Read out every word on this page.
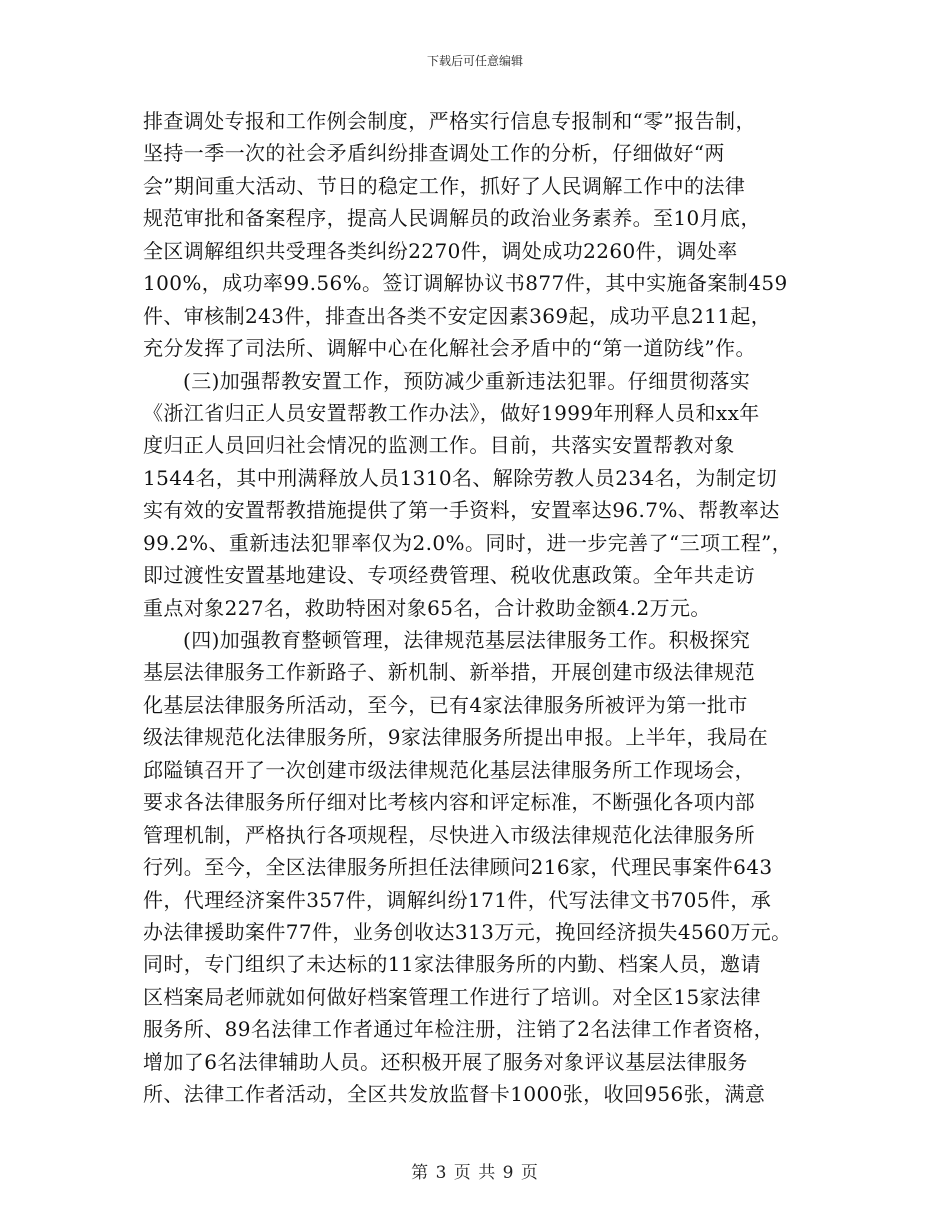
下载后可任意编辑
排查调处专报和工作例会制度，严格实行信息专报制和“零”报告制，
坚持一季一次的社会矛盾纠纷排查调处工作的分析，仔细做好“两
会”期间重大活动、节日的稳定工作，抓好了人民调解工作中的法律
规范审批和备案程序，提高人民调解员的政治业务素养。至10月底，
全区调解组织共受理各类纠纷2270件，调处成功2260件，调处率
100%，成功率99.56%。签订调解协议书877件，其中实施备案制459
件、审核制243件，排查出各类不安定因素369起，成功平息211起，
充分发挥了司法所、调解中心在化解社会矛盾中的“第一道防线”作。
(三)加强帮教安置工作，预防减少重新违法犯罪。仔细贯彻落实
《浙江省归正人员安置帮教工作办法》，做好1999年刑释人员和xx年
度归正人员回归社会情况的监测工作。目前，共落实安置帮教对象
1544名，其中刑满释放人员1310名、解除劳教人员234名，为制定切
实有效的安置帮教措施提供了第一手资料，安置率达96.7%、帮教率达
99.2%、重新违法犯罪率仅为2.0%。同时，进一步完善了“三项工程”，
即过渡性安置基地建设、专项经费管理、税收优惠政策。全年共走访
重点对象227名，救助特困对象65名，合计救助金额4.2万元。
(四)加强教育整顿管理，法律规范基层法律服务工作。积极探究
基层法律服务工作新路子、新机制、新举措，开展创建市级法律规范
化基层法律服务所活动，至今，已有4家法律服务所被评为第一批市
级法律规范化法律服务所，9家法律服务所提出申报。上半年，我局在
邱隘镇召开了一次创建市级法律规范化基层法律服务所工作现场会，
要求各法律服务所仔细对比考核内容和评定标准，不断强化各项内部
管理机制，严格执行各项规程，尽快进入市级法律规范化法律服务所
行列。至今，全区法律服务所担任法律顾问216家，代理民事案件643
件，代理经济案件357件，调解纠纷171件，代写法律文书705件，承
办法律援助案件77件，业务创收达313万元，挽回经济损失4560万元。
同时，专门组织了未达标的11家法律服务所的内勤、档案人员，邀请
区档案局老师就如何做好档案管理工作进行了培训。对全区15家法律
服务所、89名法律工作者通过年检注册，注销了2名法律工作者资格，
增加了6名法律辅助人员。还积极开展了服务对象评议基层法律服务
所、法律工作者活动，全区共发放监督卡1000张，收回956张，满意
第 3 页 共 9 页
